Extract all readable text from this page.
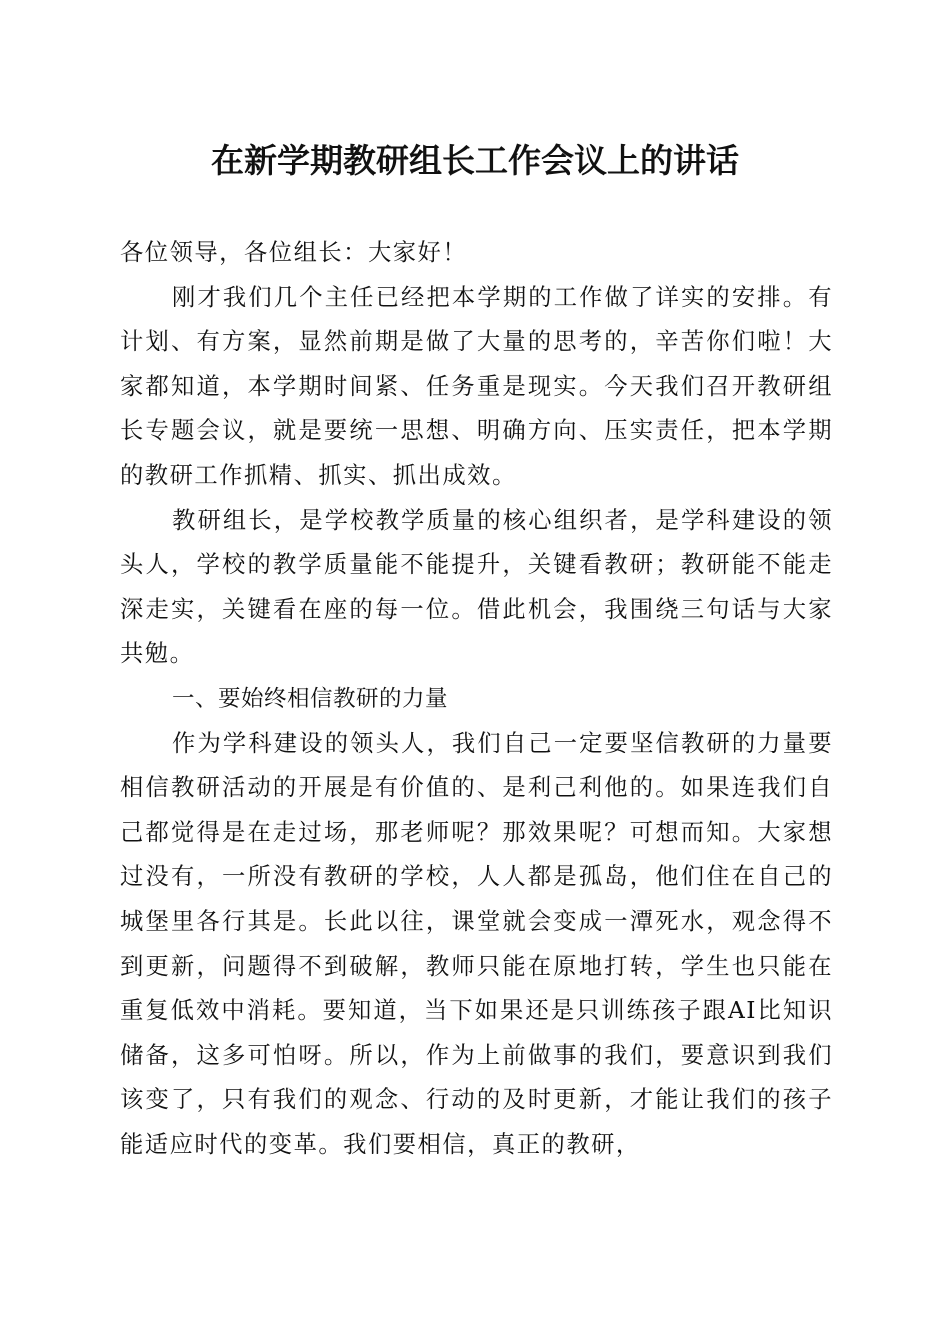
在新学期教研组长工作会议上的讲话

各位领导，各位组长：大家好！

刚才我们几个主任已经把本学期的工作做了详实的安排。有计划、有方案，显然前期是做了大量的思考的，辛苦你们啦！大家都知道，本学期时间紧、任务重是现实。今天我们召开教研组长专题会议，就是要统一思想、明确方向、压实责任，把本学期的教研工作抓精、抓实、抓出成效。

教研组长，是学校教学质量的核心组织者，是学科建设的领头人，学校的教学质量能不能提升，关键看教研；教研能不能走深走实，关键看在座的每一位。借此机会，我围绕三句话与大家共勉。

一、要始终相信教研的力量

作为学科建设的领头人，我们自己一定要坚信教研的力量要相信教研活动的开展是有价值的、是利己利他的。如果连我们自己都觉得是在走过场，那老师呢？那效果呢？可想而知。大家想过没有，一所没有教研的学校，人人都是孤岛，他们住在自己的城堡里各行其是。长此以往，课堂就会变成一潭死水，观念得不到更新，问题得不到破解，教师只能在原地打转，学生也只能在重复低效中消耗。要知道，当下如果还是只训练孩子跟AI比知识储备，这多可怕呀。所以，作为上前做事的我们，要意识到我们该变了，只有我们的观念、行动的及时更新，才能让我们的孩子能适应时代的变革。我们要相信，真正的教研，
